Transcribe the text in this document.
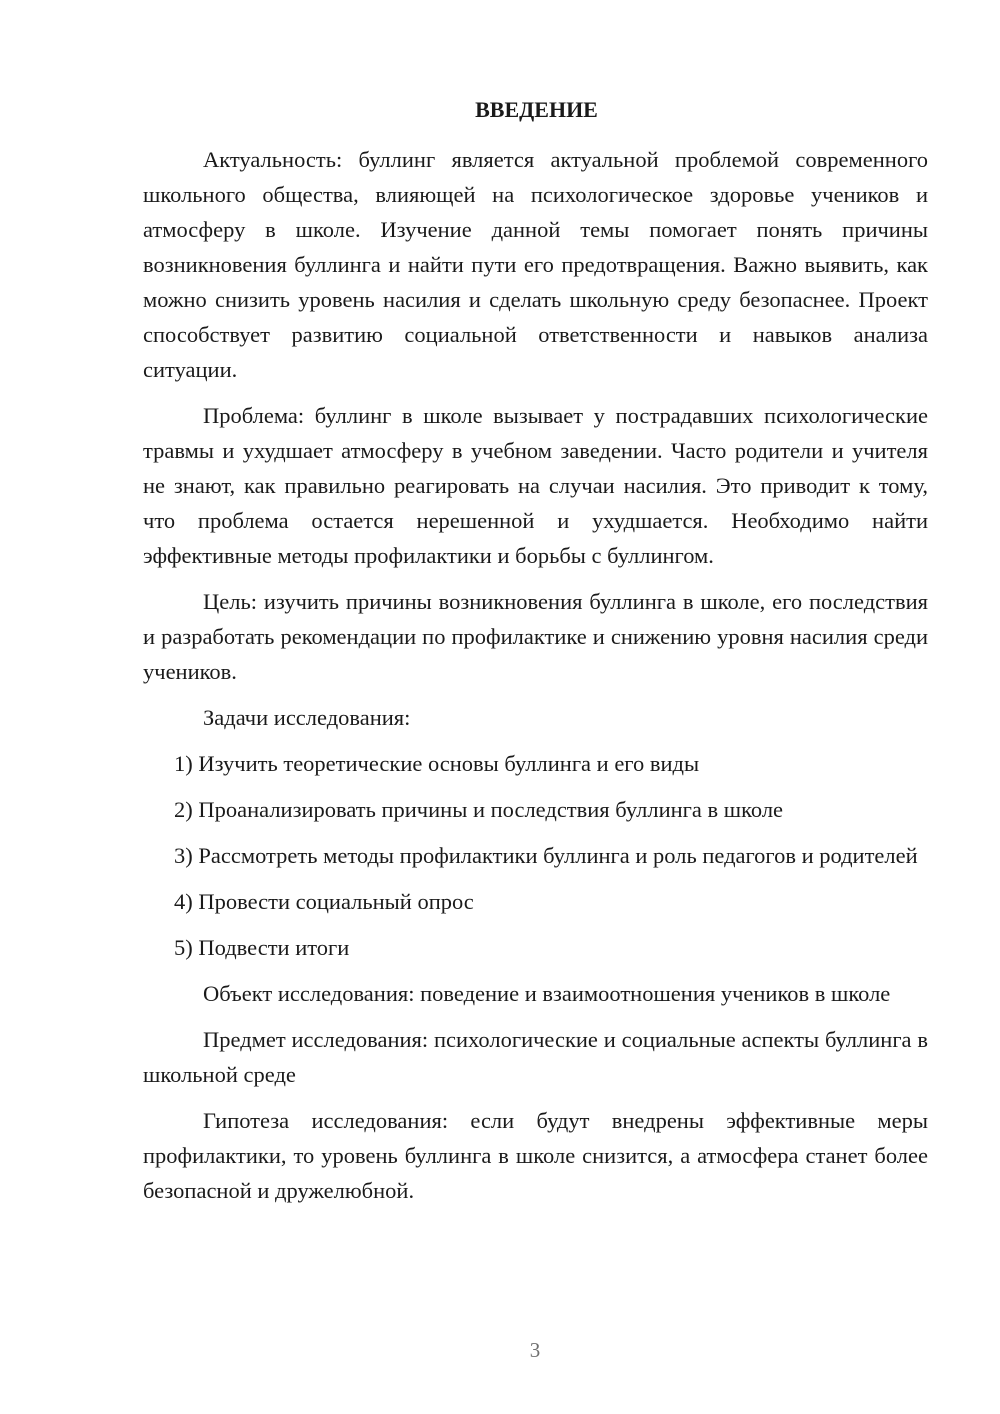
ВВЕДЕНИЕ

Актуальность: буллинг является актуальной проблемой современного школьного общества, влияющей на психологическое здоровье учеников и атмосферу в школе. Изучение данной темы помогает понять причины возникновения буллинга и найти пути его предотвращения. Важно выявить, как можно снизить уровень насилия и сделать школьную среду безопаснее. Проект способствует развитию социальной ответственности и навыков анализа ситуации.

Проблема: буллинг в школе вызывает у пострадавших психологические травмы и ухудшает атмосферу в учебном заведении. Часто родители и учителя не знают, как правильно реагировать на случаи насилия. Это приводит к тому, что проблема остается нерешенной и ухудшается. Необходимо найти эффективные методы профилактики и борьбы с буллингом.

Цель: изучить причины возникновения буллинга в школе, его последствия и разработать рекомендации по профилактике и снижению уровня насилия среди учеников.

Задачи исследования:

1) Изучить теоретические основы буллинга и его виды

2) Проанализировать причины и последствия буллинга в школе

3) Рассмотреть методы профилактики буллинга и роль педагогов и родителей

4) Провести социальный опрос

5) Подвести итоги

Объект исследования: поведение и взаимоотношения учеников в школе

Предмет исследования: психологические и социальные аспекты буллинга в школьной среде

Гипотеза исследования: если будут внедрены эффективные меры профилактики, то уровень буллинга в школе снизится, а атмосфера станет более безопасной и дружелюбной.

3
